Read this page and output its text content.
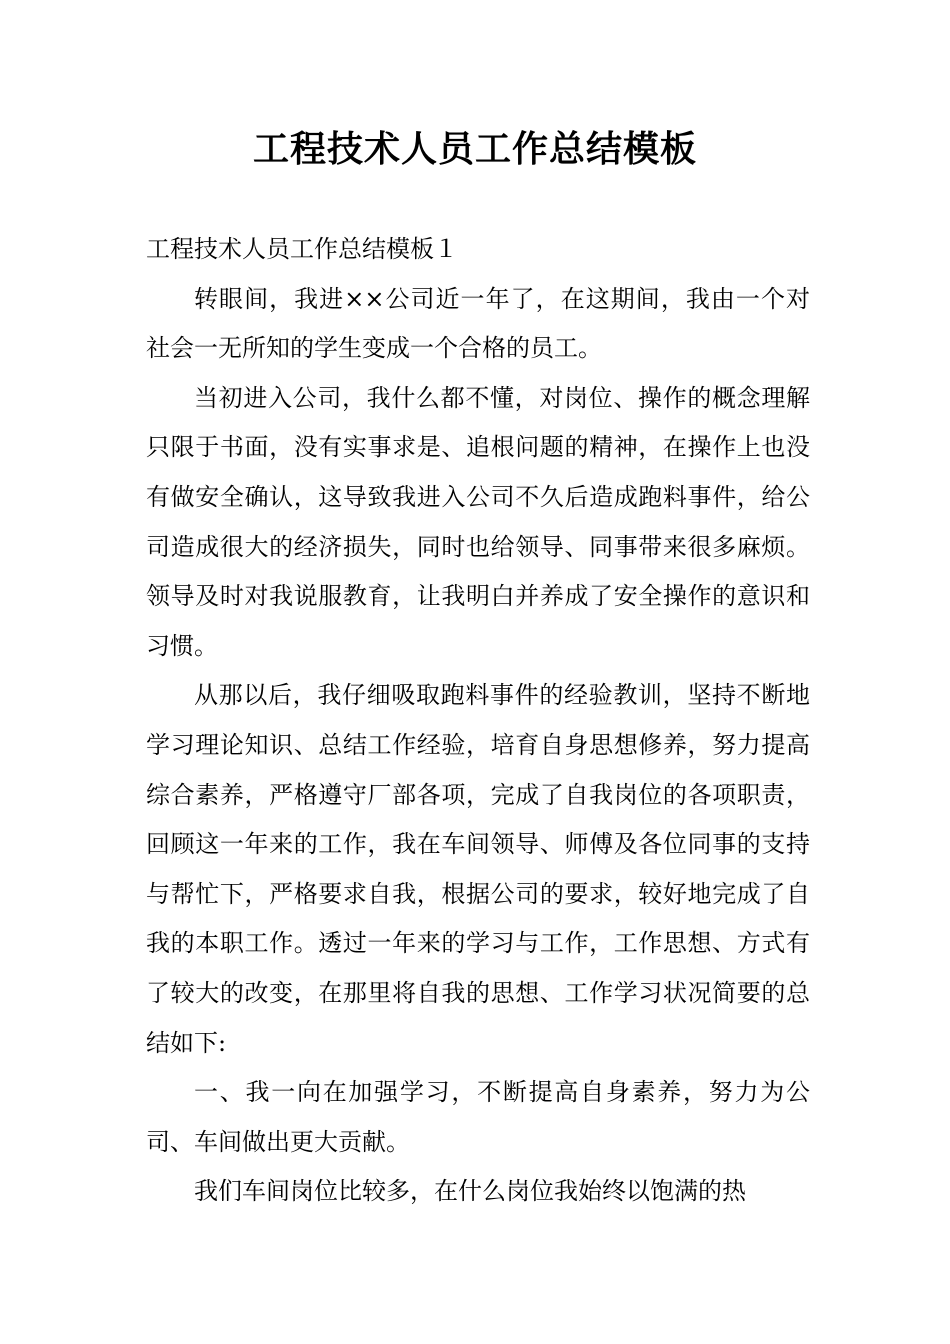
工程技术人员工作总结模板

工程技术人员工作总结模板１

转眼间，我进××公司近一年了，在这期间，我由一个对社会一无所知的学生变成一个合格的员工。

当初进入公司，我什么都不懂，对岗位、操作的概念理解只限于书面，没有实事求是、追根问题的精神，在操作上也没有做安全确认，这导致我进入公司不久后造成跑料事件，给公司造成很大的经济损失，同时也给领导、同事带来很多麻烦。领导及时对我说服教育，让我明白并养成了安全操作的意识和习惯。

从那以后，我仔细吸取跑料事件的经验教训，坚持不断地学习理论知识、总结工作经验，培育自身思想修养，努力提高综合素养，严格遵守厂部各项，完成了自我岗位的各项职责，回顾这一年来的工作，我在车间领导、师傅及各位同事的支持与帮忙下，严格要求自我，根据公司的要求，较好地完成了自我的本职工作。透过一年来的学习与工作，工作思想、方式有了较大的改变，在那里将自我的思想、工作学习状况简要的总结如下:

一、我一向在加强学习，不断提高自身素养，努力为公司、车间做出更大贡献。

我们车间岗位比较多，在什么岗位我始终以饱满的热
